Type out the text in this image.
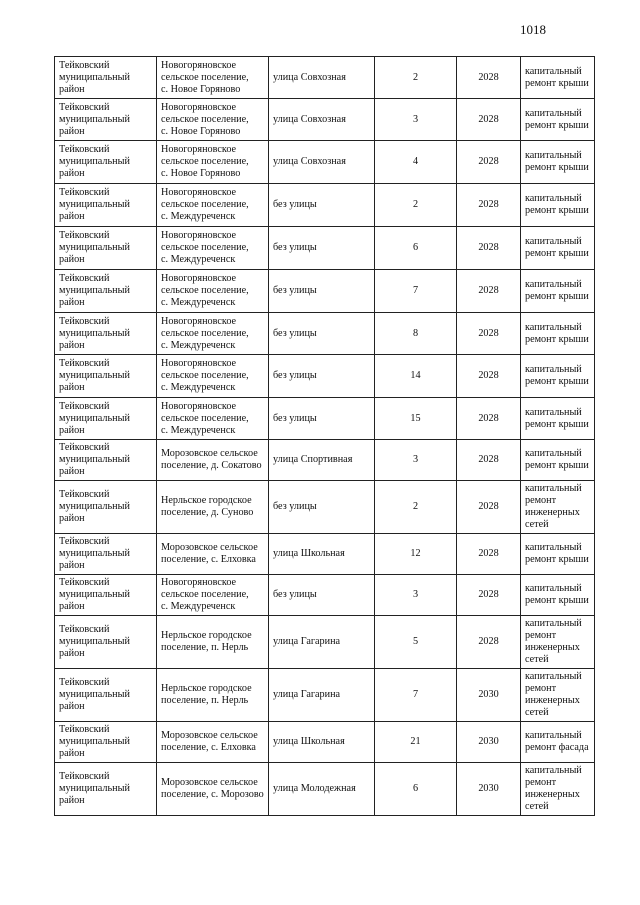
1018
Тейковский
муниципальный
район	Новогоряновское
сельское поселение,
с. Новое Горяново	улица Совхозная	2	2028	капитальный
ремонт крыши

Тейковский
муниципальный
район	Новогоряновское
сельское поселение,
с. Новое Горяново	улица Совхозная	3	2028	капитальный
ремонт крыши

Тейковский
муниципальный
район	Новогоряновское
сельское поселение,
с. Новое Горяново	улица Совхозная	4	2028	капитальный
ремонт крыши

Тейковский
муниципальный
район	Новогоряновское
сельское поселение,
с. Междуреченск	без улицы	2	2028	капитальный
ремонт крыши

Тейковский
муниципальный
район	Новогоряновское
сельское поселение,
с. Междуреченск	без улицы	6	2028	капитальный
ремонт крыши

Тейковский
муниципальный
район	Новогоряновское
сельское поселение,
с. Междуреченск	без улицы	7	2028	капитальный
ремонт крыши

Тейковский
муниципальный
район	Новогоряновское
сельское поселение,
с. Междуреченск	без улицы	8	2028	капитальный
ремонт крыши

Тейковский
муниципальный
район	Новогоряновское
сельское поселение,
с. Междуреченск	без улицы	14	2028	капитальный
ремонт крыши

Тейковский
муниципальный
район	Новогоряновское
сельское поселение,
с. Междуреченск	без улицы	15	2028	капитальный
ремонт крыши

Тейковский
муниципальный
район	Морозовское сельское
поселение, д. Сокатово	улица Спортивная	3	2028	капитальный
ремонт крыши

Тейковский
муниципальный
район	Нерльское городское
поселение, д. Суново	без улицы	2	2028	капитальный
ремонт
инженерных
сетей

Тейковский
муниципальный
район	Морозовское сельское
поселение, с. Елховка	улица Школьная	12	2028	капитальный
ремонт крыши

Тейковский
муниципальный
район	Новогоряновское
сельское поселение,
с. Междуреченск	без улицы	3	2028	капитальный
ремонт крыши

Тейковский
муниципальный
район	Нерльское городское
поселение, п. Нерль	улица Гагарина	5	2028	капитальный
ремонт
инженерных
сетей

Тейковский
муниципальный
район	Нерльское городское
поселение, п. Нерль	улица Гагарина	7	2030	капитальный
ремонт
инженерных
сетей

Тейковский
муниципальный
район	Морозовское сельское
поселение, с. Елховка	улица Школьная	21	2030	капитальный
ремонт фасада

Тейковский
муниципальный
район	Морозовское сельское
поселение, с. Морозово	улица Молодежная	6	2030	капитальный
ремонт
инженерных
сетей
